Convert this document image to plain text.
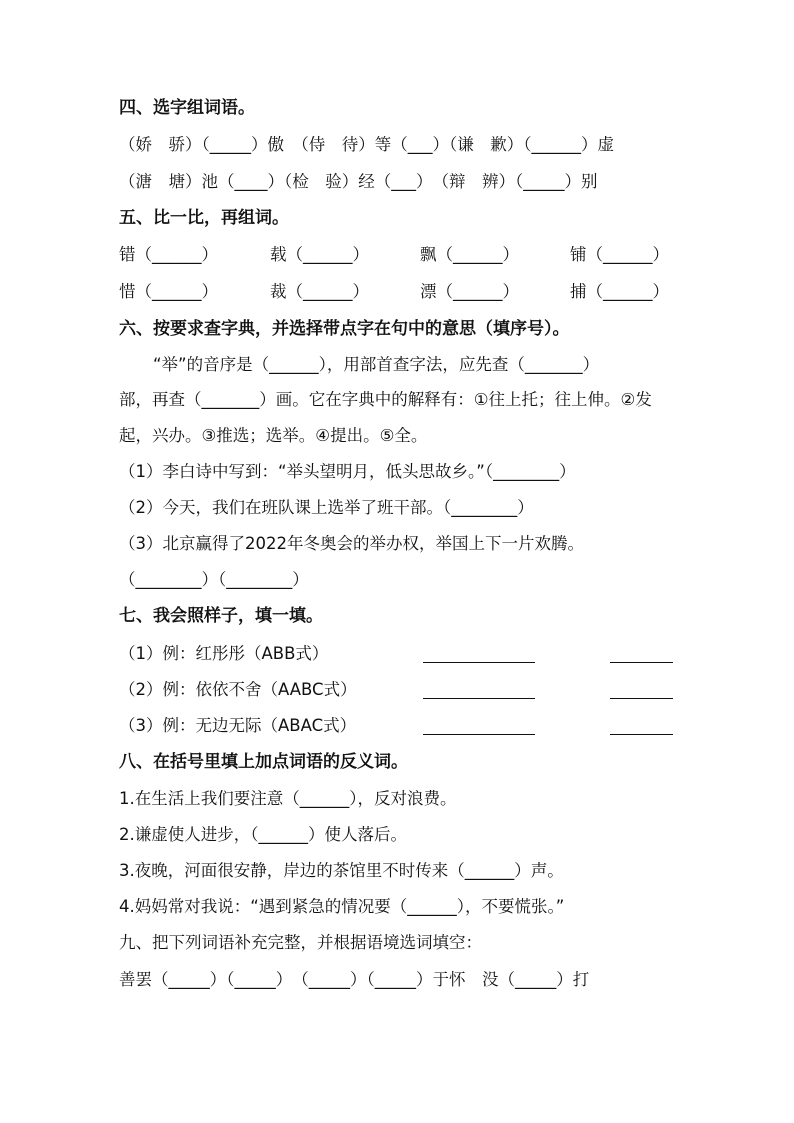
四、选字组词语。
（娇　骄）（_____）傲　（侍　待）等（___）（谦　歉）（______）虚
（溏　塘）池（____）（检　验）经（___）　（辩　辨）（_____）别
五、比一比，再组词。
错（______）	载（______）	飘（______）	铺（______）
惜（______）	裁（______）	漂（______）	捕（______）
六、按要求查字典，并选择带点字在句中的意思（填序号）。
“举”的音序是（______），用部首查字法，应先查（_______）
部，再查（_______）画。它在字典中的解释有：①往上托；往上伸。②发
起，兴办。③推选；选举。④提出。⑤全。
（1）李白诗中写到：“举头望明月，低头思故乡。”（________）
（2）今天，我们在班队课上选举了班干部。（________）
（3）北京赢得了2022年冬奥会的举办权，举国上下一片欢腾。
（________）（________）
七、我会照样子，填一填。
（1）例：红彤彤（ABB式）
（2）例：依依不舍（AABC式）
（3）例：无边无际（ABAC式）
八、在括号里填上加点词语的反义词。
1.在生活上我们要注意（______），反对浪费。
2.谦虚使人进步，（______）使人落后。
3.夜晚，河面很安静，岸边的茶馆里不时传来（______）声。
4.妈妈常对我说：“遇到紧急的情况要（______），不要慌张。”
九、把下列词语补充完整，并根据语境选词填空：
善罢（_____）（_____）　（_____）（_____）于怀　没（_____）打
